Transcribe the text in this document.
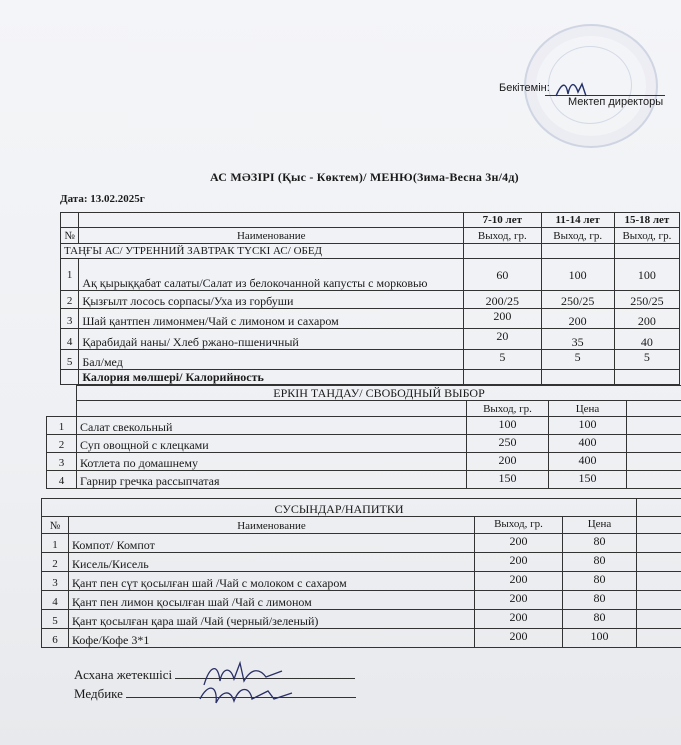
Бекітемін:
Мектеп директоры
АС МӘЗІРІ (Қыс - Көктем)/ МЕНЮ(Зима-Весна 3н/4д)
Дата: 13.02.2025г
		7-10 лет	11-14 лет	15-18 лет
№	Наименование	Выход, гр.	Выход, гр.	Выход, гр.
ТАҢҒЫ АС/ УТРЕННИЙ ЗАВТРАК ТҮСКІ АС/ ОБЕД				
1	Ақ қырыққабат салаты/Салат из белокочанной капусты с морковью	60	100	100
2	Қызғылт лосось сорпасы/Уха из горбуши	200/25	250/25	250/25
3	Шай қантпен лимонмен/Чай с лимоном и сахаром	200	200	200
4	Қарабидай наны/ Хлеб ржано-пшеничный	20	35	40
5	Бал/мед	5	5	5
	Калория мөлшері/ Калорийность			
	ЕРКІН ТАНДАУ/ СВОБОДНЫЙ ВЫБОР			
		Выход, гр.	Цена	
1	Салат свекольный	100	100	
2	Суп овощной с клецками	250	400	
3	Котлета по домашнему	200	400	
4	Гарнир гречка рассыпчатая	150	150	
СУСЫНДАР/НАПИТКИ				
№	Наименование	Выход, гр.	Цена	
1	Компот/ Компот	200	80	
2	Кисель/Кисель	200	80	
3	Қант пен сүт қосылған шай /Чай с молоком с сахаром	200	80	
4	Қант пен лимон қосылған шай /Чай с лимоном	200	80	
5	Қант қосылған қара шай /Чай (черный/зеленый)	200	80	
6	Кофе/Кофе 3*1	200	100	
Асхана жетекшісі
Медбике
